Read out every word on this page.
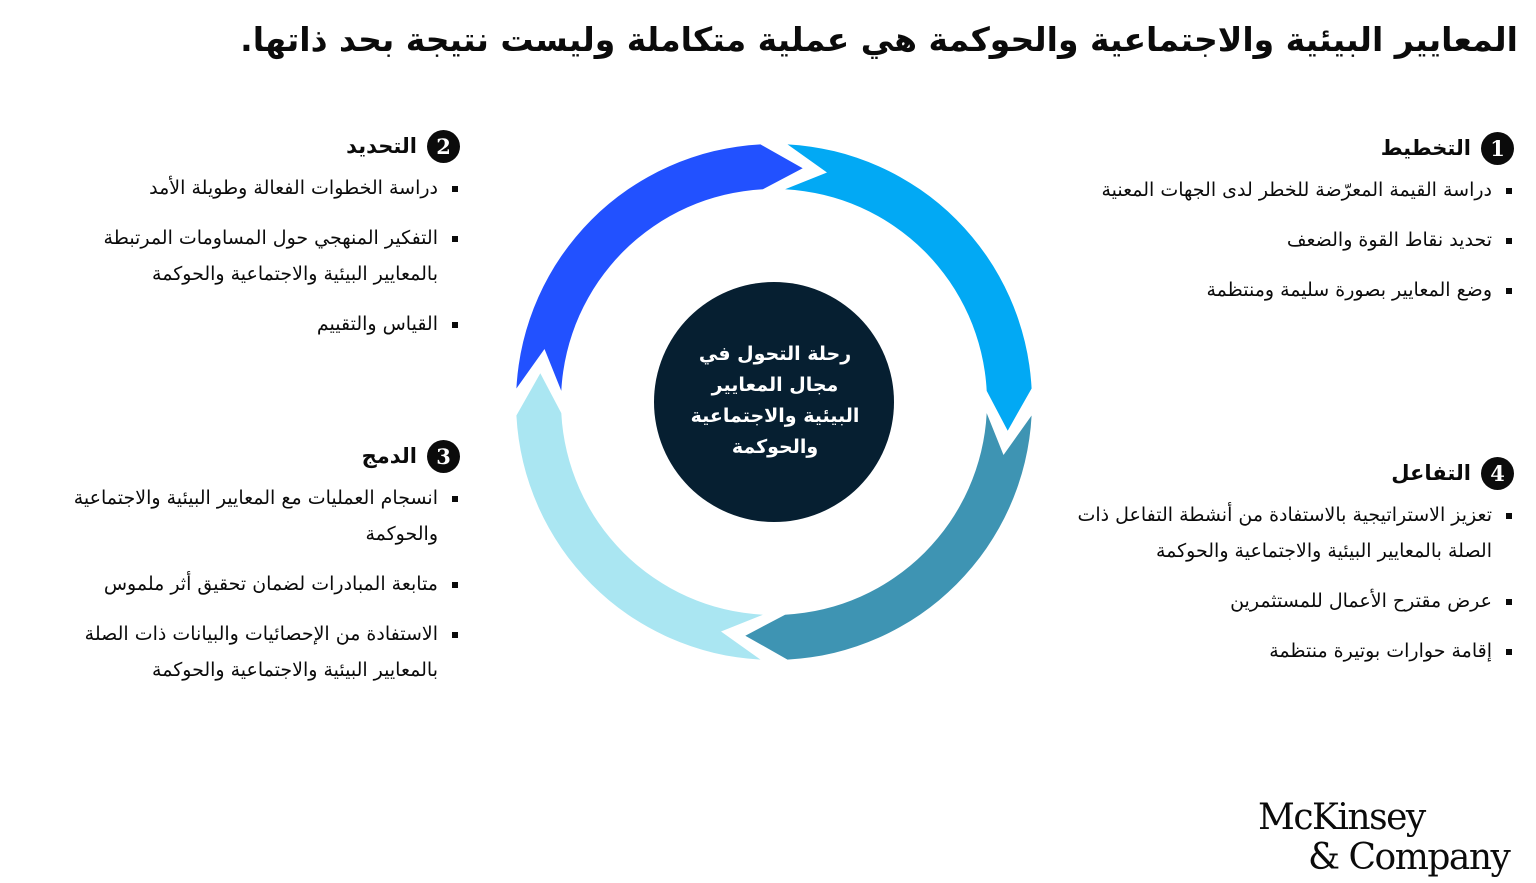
المعايير البيئية والاجتماعية والحوكمة هي عملية متكاملة وليست نتيجة بحد ذاتها.
1
التخطيط
دراسة القيمة المعرّضة للخطر لدى الجهات المعنية
تحديد نقاط القوة والضعف
وضع المعايير بصورة سليمة ومنتظمة
2
التحديد
دراسة الخطوات الفعالة وطويلة الأمد
التفكير المنهجي حول المساومات المرتبطة بالمعايير البيئية والاجتماعية والحوكمة
القياس والتقييم
3
الدمج
انسجام العمليات مع المعايير البيئية والاجتماعية والحوكمة
متابعة المبادرات لضمان تحقيق أثر ملموس
الاستفادة من الإحصائيات والبيانات ذات الصلة بالمعايير البيئية والاجتماعية والحوكمة
4
التفاعل
تعزيز الاستراتيجية بالاستفادة من أنشطة التفاعل ذات الصلة بالمعايير البيئية والاجتماعية والحوكمة
عرض مقترح الأعمال للمستثمرين
إقامة حوارات بوتيرة منتظمة
رحلة التحول في مجال المعايير البيئية والاجتماعية والحوكمة
McKinsey
& Company
